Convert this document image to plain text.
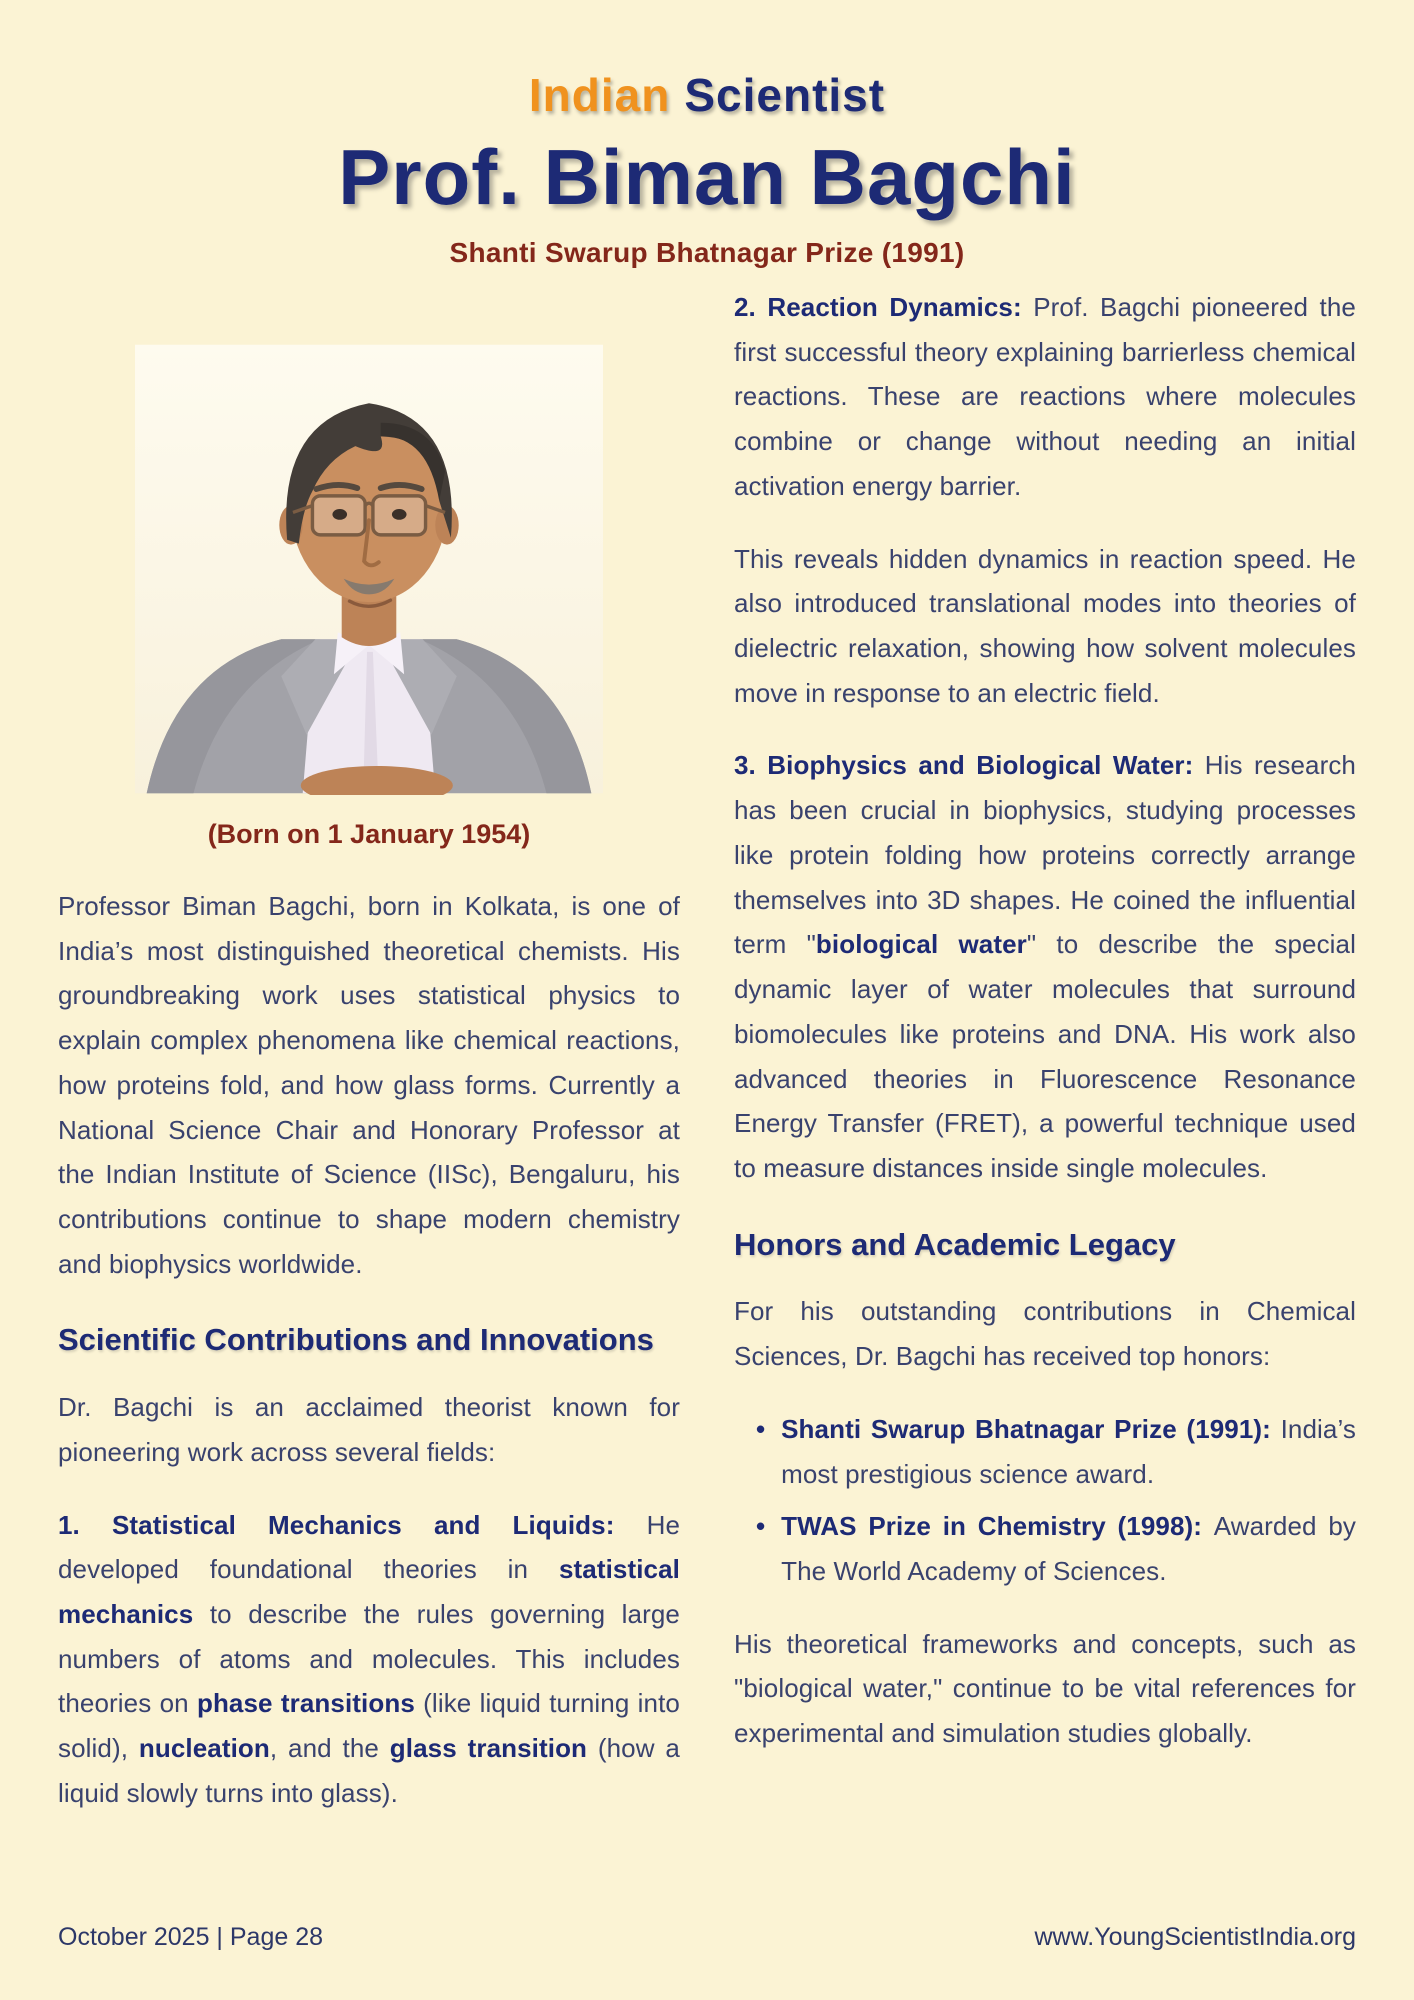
Indian Scientist
Prof. Biman Bagchi
Shanti Swarup Bhatnagar Prize (1991)
(Born on 1 January 1954)

Professor Biman Bagchi, born in Kolkata, is one of India’s most distinguished theoretical chemists. His groundbreaking work uses statistical physics to explain complex phenomena like chemical reactions, how proteins fold, and how glass forms. Currently a National Science Chair and Honorary Professor at the Indian Institute of Science (IISc), Bengaluru, his contributions continue to shape modern chemistry and biophysics worldwide.

Scientific Contributions and Innovations

Dr. Bagchi is an acclaimed theorist known for pioneering work across several fields:

1. Statistical Mechanics and Liquids: He developed foundational theories in statistical mechanics to describe the rules governing large numbers of atoms and molecules. This includes theories on phase transitions (like liquid turning into solid), nucleation, and the glass transition (how a liquid slowly turns into glass).

2. Reaction Dynamics: Prof. Bagchi pioneered the first successful theory explaining barrierless chemical reactions. These are reactions where molecules combine or change without needing an initial activation energy barrier.

This reveals hidden dynamics in reaction speed. He also introduced translational modes into theories of dielectric relaxation, showing how solvent molecules move in response to an electric field.

3. Biophysics and Biological Water: His research has been crucial in biophysics, studying processes like protein folding how proteins correctly arrange themselves into 3D shapes. He coined the influential term "biological water" to describe the special dynamic layer of water molecules that surround biomolecules like proteins and DNA. His work also advanced theories in Fluorescence Resonance Energy Transfer (FRET), a powerful technique used to measure distances inside single molecules.

Honors and Academic Legacy

For his outstanding contributions in Chemical Sciences, Dr. Bagchi has received top honors:

• Shanti Swarup Bhatnagar Prize (1991): India’s most prestigious science award.
• TWAS Prize in Chemistry (1998): Awarded by The World Academy of Sciences.

His theoretical frameworks and concepts, such as "biological water," continue to be vital references for experimental and simulation studies globally.

October 2025 | Page 28	www.YoungScientistIndia.org
